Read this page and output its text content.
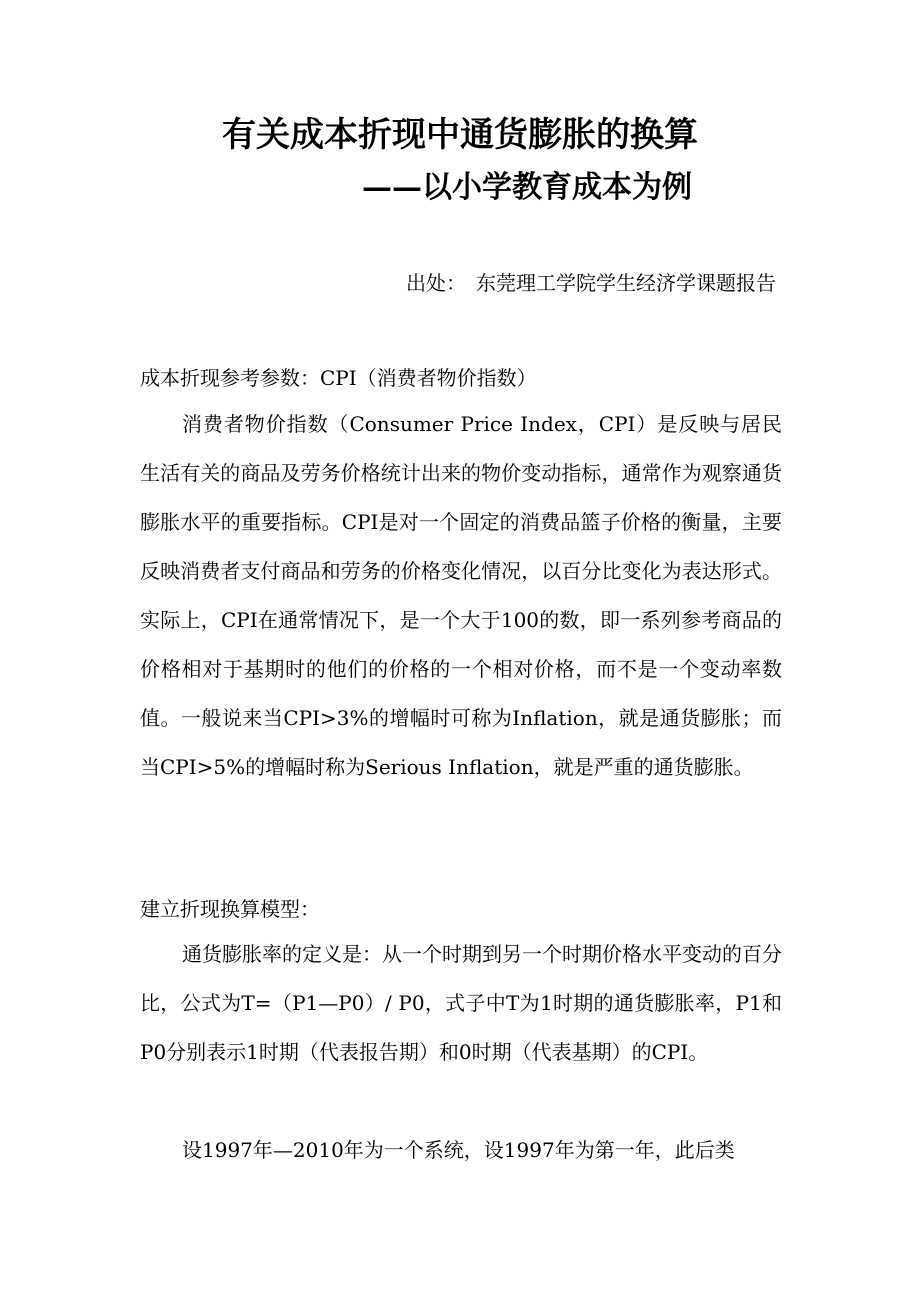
有关成本折现中通货膨胀的换算
——以小学教育成本为例
出处： 东莞理工学院学生经济学课题报告

成本折现参考参数：CPI（消费者物价指数）

消费者物价指数（Consumer Price Index，CPI）是反映与居民生活有关的商品及劳务价格统计出来的物价变动指标，通常作为观察通货膨胀水平的重要指标。CPI是对一个固定的消费品篮子价格的衡量，主要反映消费者支付商品和劳务的价格变化情况，以百分比变化为表达形式。实际上，CPI在通常情况下，是一个大于100的数，即一系列参考商品的价格相对于基期时的他们的价格的一个相对价格，而不是一个变动率数值。一般说来当CPI>3%的增幅时可称为Inflation，就是通货膨胀；而当CPI>5%的增幅时称为Serious Inflation，就是严重的通货膨胀。

建立折现换算模型：

通货膨胀率的定义是：从一个时期到另一个时期价格水平变动的百分比，公式为T=（P1—P0）/ P0，式子中T为1时期的通货膨胀率，P1和P0分别表示1时期（代表报告期）和0时期（代表基期）的CPI。

设1997年—2010年为一个系统，设1997年为第一年，此后类
